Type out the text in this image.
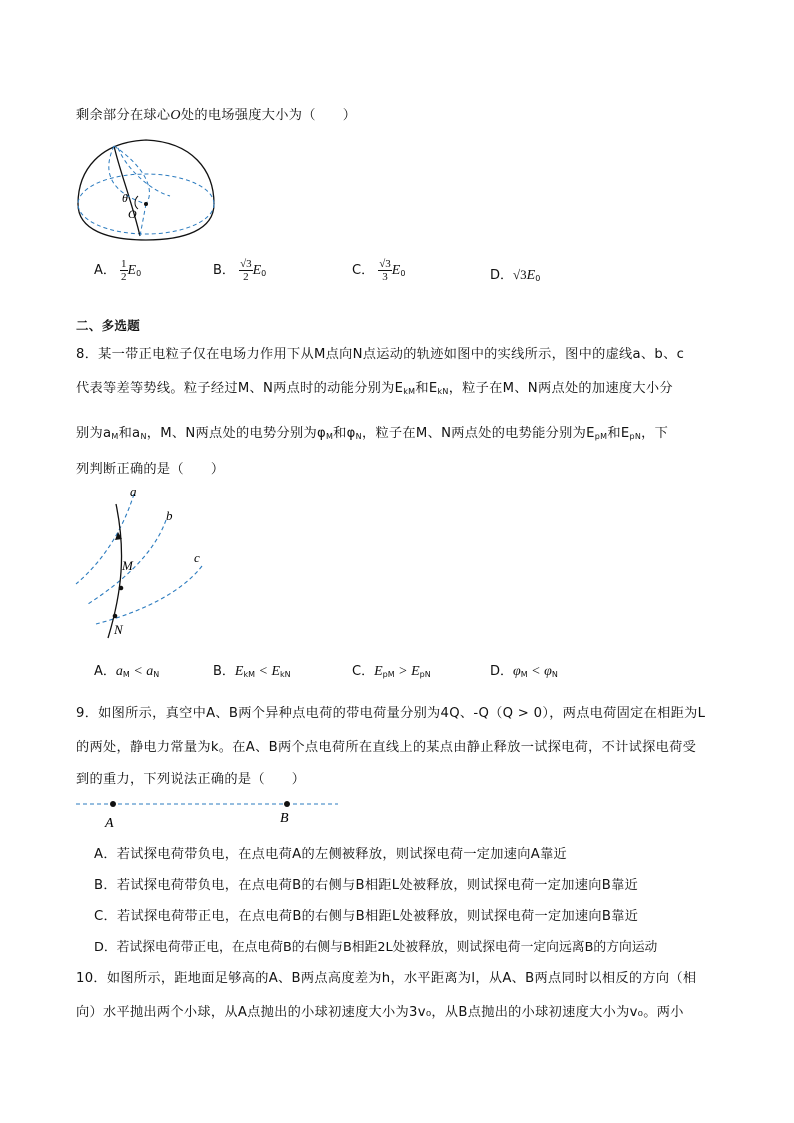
剩余部分在球心O处的电场强度大小为（　　）
θ
O
A． $\frac{1}{2} E_0$	B． $\frac{√3}{2} E_0$	C． $\frac{√3}{3} E_0$	D．$√3E_0$
二、多选题
8．某一带正电粒子仅在电场力作用下从M点向N点运动的轨迹如图中的实线所示，图中的虚线a、b、c
代表等差等势线。粒子经过M、N两点时的动能分别为$E_{kM}$和$E_{kN}$，粒子在M、N两点处的加速度大小分
别为$a_M$和$a_N$，M、N两点处的电势分别为$\varphi_M$和$\varphi_N$，粒子在M、N两点处的电势能分别为$E_{pM}$和$E_{pN}$，下
列判断正确的是（　　）
a
b
c
M
N
A．$a_M < a_N$	B．$E_{kM} < E_{kN}$	C．$E_{pM} > E_{pN}$	D．$\varphi_M < \varphi_N$
9．如图所示，真空中A、B两个异种点电荷的带电荷量分别为4Q、-Q（Q > 0），两点电荷固定在相距为L
的两处，静电力常量为k。在A、B两个点电荷所在直线上的某点由静止释放一试探电荷，不计试探电荷受
到的重力，下列说法正确的是（　　）
A	B
A．若试探电荷带负电，在点电荷A的左侧被释放，则试探电荷一定加速向A靠近
B．若试探电荷带负电，在点电荷B的右侧与B相距L处被释放，则试探电荷一定加速向B靠近
C．若试探电荷带正电，在点电荷B的右侧与B相距L处被释放，则试探电荷一定加速向B靠近
D．若试探电荷带正电，在点电荷B的右侧与B相距2L处被释放，则试探电荷一定向远离B的方向运动
10．如图所示，距地面足够高的A、B两点高度差为h，水平距离为l，从A、B两点同时以相反的方向（相
向）水平抛出两个小球，从A点抛出的小球初速度大小为3v₀，从B点抛出的小球初速度大小为v₀。两小
